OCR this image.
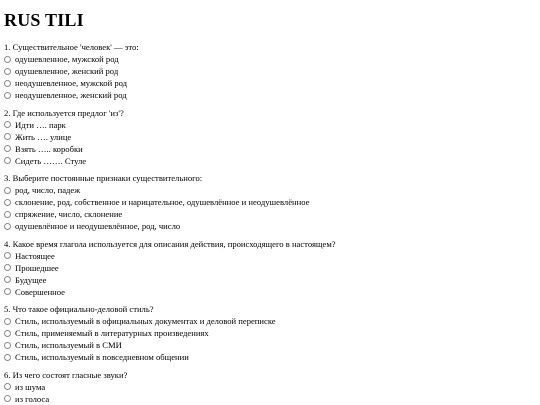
RUS TILI
1. Существительное 'человек' — это:
одушевленное, мужской род
одушевленное, женский род
неодушевленное, мужской род
неодушевленное, женский род
2. Где используется предлог 'из'?
Идти …. парк
Жить …. улице
Взять ….. коробки
Сидеть ……. Стуле
3. Выберите постоянные признаки существительного:
род, число, падеж
склонение, род, собственное и нарицательное, одушевлённое и неодушевлённое
спряжение, число, склонение
одушевлённое и неодушевлённое, род, число
4. Какое время глагола используется для описания действия, происходящего в настоящем?
Настоящее
Прошедшее
Будущее
Совершенное
5. Что такое официально-деловой стиль?
Стиль, используемый в официальных документах и деловой переписке
Стиль, применяемый в литературных произведениях
Стиль, используемый в СМИ
Стиль, используемый в повседневном общении
6. Из чего состоят гласные звуки?
из шума
из голоса
